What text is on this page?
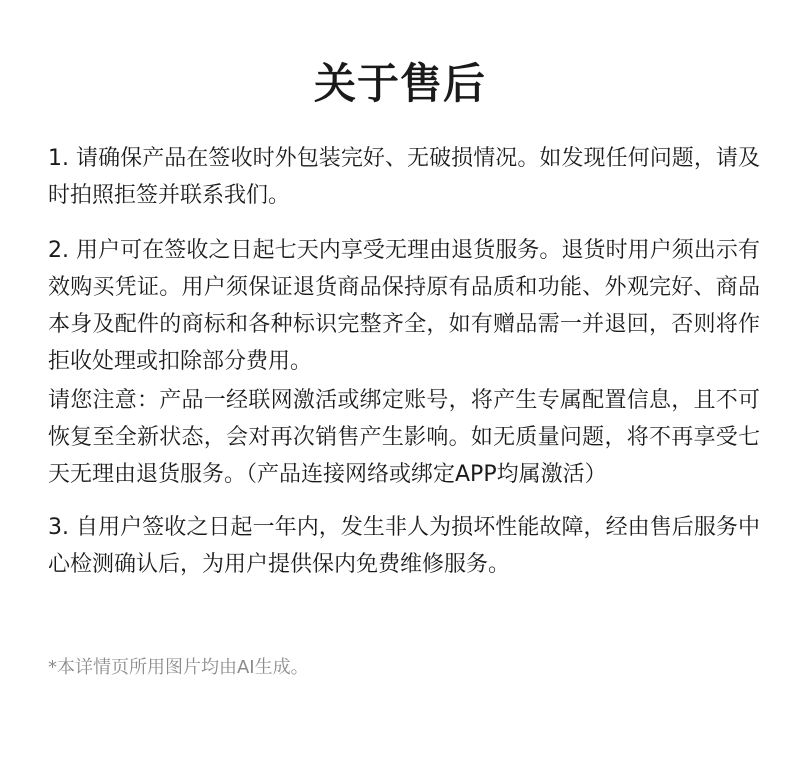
关于售后

1. 请确保产品在签收时外包装完好、无破损情况。如发现任何问题，请及时拍照拒签并联系我们。

2. 用户可在签收之日起七天内享受无理由退货服务。退货时用户须出示有效购买凭证。用户须保证退货商品保持原有品质和功能、外观完好、商品本身及配件的商标和各种标识完整齐全，如有赠品需一并退回，否则将作拒收处理或扣除部分费用。

请您注意：产品一经联网激活或绑定账号，将产生专属配置信息，且不可恢复至全新状态，会对再次销售产生影响。如无质量问题，将不再享受七天无理由退货服务。（产品连接网络或绑定APP均属激活）

3. 自用户签收之日起一年内，发生非人为损坏性能故障，经由售后服务中心检测确认后，为用户提供保内免费维修服务。

*本详情页所用图片均由AI生成。
